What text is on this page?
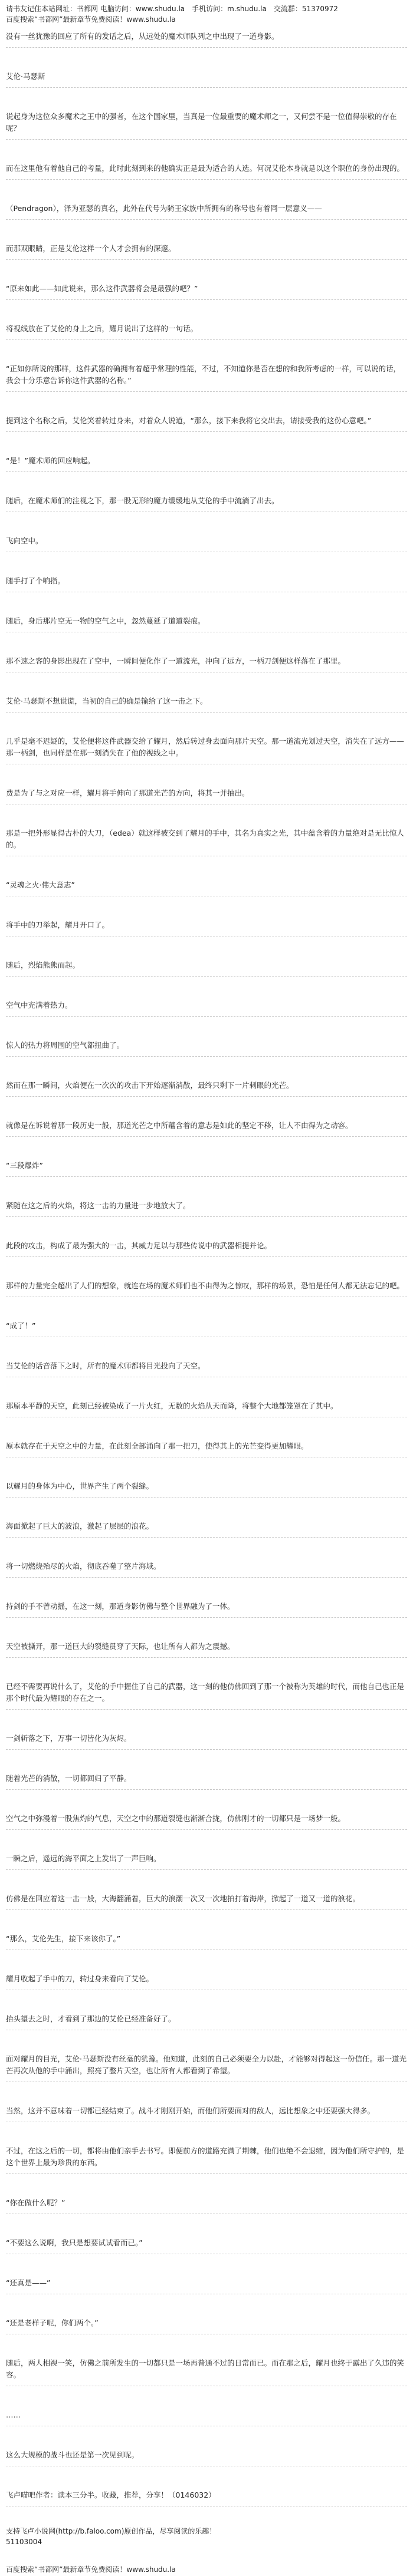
请书友记住本站网址：书都网 电脑访问：www.shudu.la　手机访问：m.shudu.la　交流群：51370972
百度搜索“书都网”最新章节免费阅读！www.shudu.la

没有一丝犹豫的回应了所有的发话之后，从远处的魔术师队列之中出现了一道身影。

艾伦·马瑟斯

说起身为这位众多魔术之王中的强者，在这个国家里，当真是一位最重要的魔术师之一，又何尝不是一位值得崇敬的存在呢？

而在这里他有着他自己的考量，此时此刻到来的他确实正是最为适合的人选。何况艾伦本身就是以这个职位的身份出现的。

（Pendragon），泽为亚瑟的真名，此外在代号为骑王家族中所拥有的称号也有着同一层意义——

而那双眼睛，正是艾伦这样一个人才会拥有的深邃。

“原来如此——如此说来，那么这件武器将会是最强的吧？”

将视线放在了艾伦的身上之后，耀月说出了这样的一句话。

“正如你所说的那样，这件武器的确拥有着超乎常理的性能，不过，不知道你是否在想的和我所考虑的一样，可以说的话，我会十分乐意告诉你这件武器的名称。”

提到这个名称之后，艾伦笑着转过身来，对着众人说道，“那么，接下来我将它交出去，请接受我的这份心意吧。”

“是！”魔术师的回应响起。

随后，在魔术师们的注视之下，那一股无形的魔力缓缓地从艾伦的手中流淌了出去。

飞向空中。

随手打了个响指。

随后，身后那片空无一物的空气之中，忽然蔓延了道道裂痕。

那不速之客的身影出现在了空中，一瞬间便化作了一道流光，冲向了远方，一柄刀剑便这样落在了那里。

艾伦·马瑟斯不想说谎，当初的自己的确是输给了这一击之下。

几乎是毫不迟疑的，艾伦便将这件武器交给了耀月，然后转过身去面向那片天空。那一道流光划过天空，消失在了远方——那一柄剑，也同样是在那一刻消失在了他的视线之中。

费是为了与之对应一样，耀月将手伸向了那道光芒的方向，将其一并抽出。

那是一把外形显得古朴的大刀，（edea）就这样被交到了耀月的手中，其名为真实之光，其中蕴含着的力量绝对是无比惊人的。

“灵魂之火·伟大意志”

将手中的刀举起，耀月开口了。

随后，烈焰熊熊而起。

空气中充满着热力。

惊人的热力将周围的空气都扭曲了。

然而在那一瞬间，火焰便在一次次的攻击下开始逐渐消散，最终只剩下一片刺眼的光芒。

就像是在诉说着那一段历史一般，那道光芒之中所蕴含着的意志是如此的坚定不移，让人不由得为之动容。

“三段爆炸”

紧随在这之后的火焰，将这一击的力量进一步地放大了。

此段的攻击，构成了最为强大的一击，其威力足以与那些传说中的武器相提并论。

那样的力量完全超出了人们的想象，就连在场的魔术师们也不由得为之惊叹，那样的场景，恐怕是任何人都无法忘记的吧。

“成了！”

当艾伦的话音落下之时，所有的魔术师都将目光投向了天空。

那原本平静的天空，此刻已经被染成了一片火红，无数的火焰从天而降，将整个大地都笼罩在了其中。

原本就存在于天空之中的力量，在此刻全部涌向了那一把刀，使得其上的光芒变得更加耀眼。

以耀月的身体为中心，世界产生了两个裂缝。

海面掀起了巨大的波浪，激起了层层的浪花。

将一切燃烧殆尽的火焰，彻底吞噬了整片海域。

持剑的手不曾动摇，在这一刻，那道身影仿佛与整个世界融为了一体。

天空被撕开，那一道巨大的裂缝贯穿了天际，也让所有人都为之震撼。

已经不需要再说什么了，艾伦的手中握住了自己的武器，这一刻的他仿佛回到了那一个被称为英雄的时代，而他自己也正是那个时代最为耀眼的存在之一。

一剑斩落之下，万事一切皆化为灰烬。

随着光芒的消散，一切都回归了平静。

空气之中弥漫着一股焦灼的气息，天空之中的那道裂缝也渐渐合拢，仿佛刚才的一切都只是一场梦一般。

一瞬之后，遥远的海平面之上发出了一声巨响。

仿佛是在回应着这一击一般，大海翻涌着，巨大的浪潮一次又一次地拍打着海岸，掀起了一道又一道的浪花。

“那么，艾伦先生，接下来该你了。”

耀月收起了手中的刀，转过身来看向了艾伦。

抬头望去之时，才看到了那边的艾伦已经准备好了。

面对耀月的目光，艾伦·马瑟斯没有丝毫的犹豫。他知道，此刻的自己必须要全力以赴，才能够对得起这一份信任。那一道光芒再次从他的手中涌出，照亮了整片天空，也让所有人都看到了希望。

当然，这并不意味着一切都已经结束了。战斗才刚刚开始，而他们所要面对的敌人，远比想象之中还要强大得多。

不过，在这之后的一切，都将由他们亲手去书写。即便前方的道路充满了荆棘，他们也绝不会退缩，因为他们所守护的，是这个世界上最为珍贵的东西。

“你在做什么呢？”

“不要这么说啊，我只是想要试试看而已。”

“还真是——”

“还是老样子呢，你们两个。”

随后，两人相视一笑，仿佛之前所发生的一切都只是一场再普通不过的日常而已。而在那之后，耀月也终于露出了久违的笑容。

……

这么大规模的战斗也还是第一次见到呢。

飞卢喵吧作者：读本三分半。收藏，推荐，分享！（0146032）

支持飞卢小说网(http://b.faloo.com)原创作品，尽享阅读的乐趣！
51103004
百度搜索“书都网”最新章节免费阅读！www.shudu.la
